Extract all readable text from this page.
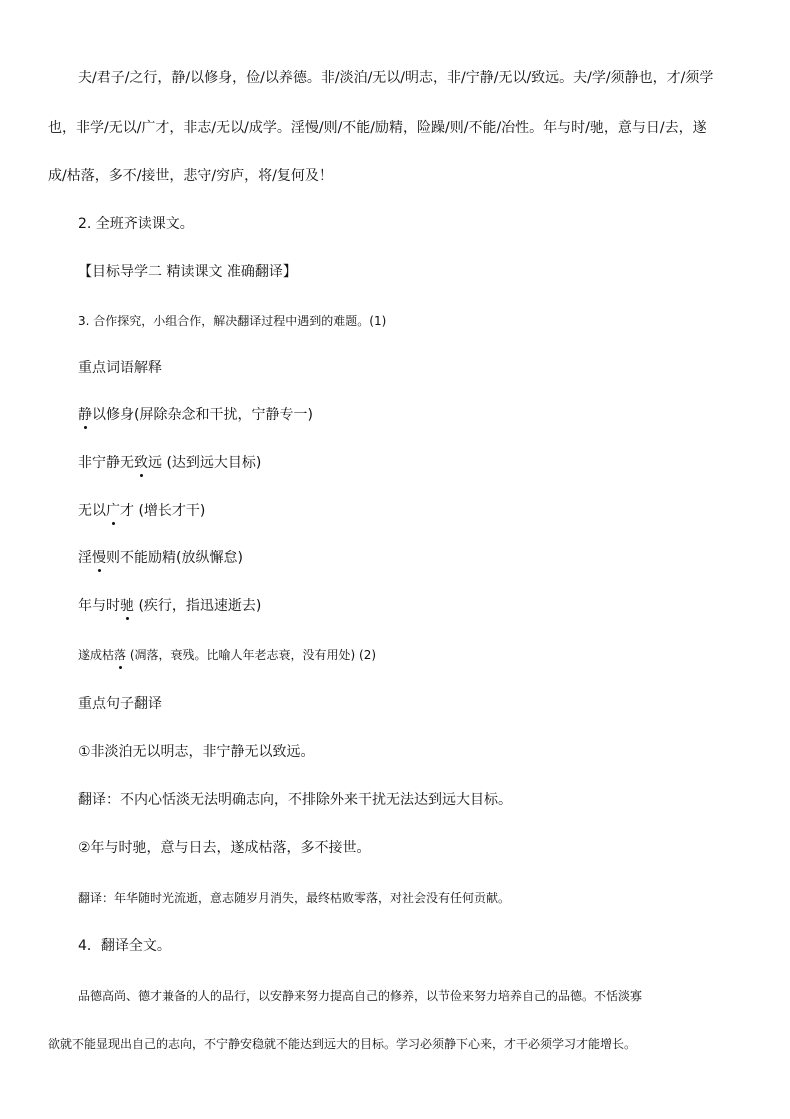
夫/君子/之行，静/以修身，俭/以养德。非/淡泊/无以/明志，非/宁静/无以/致远。夫/学/须静也，才/须学
也，非学/无以/广才，非志/无以/成学。淫慢/则/不能/励精，险躁/则/不能/冶性。年与时/驰，意与日/去，遂
成/枯落，多不/接世，悲守/穷庐，将/复何及！
2. 全班齐读课文。
【目标导学二 精读课文 准确翻译】
3. 合作探究，小组合作，解决翻译过程中遇到的难题。(1)
重点词语解释
静以修身(屏除杂念和干扰，宁静专一)
非宁静无致远 (达到远大目标)
无以广才 (增长才干)
淫慢则不能励精(放纵懈怠)
年与时驰 (疾行，指迅速逝去)
遂成枯落 (凋落，衰残。比喻人年老志衰，没有用处) (2)
重点句子翻译
①非淡泊无以明志，非宁静无以致远。
翻译：不内心恬淡无法明确志向，不排除外来干扰无法达到远大目标。
②年与时驰，意与日去，遂成枯落，多不接世。
翻译：年华随时光流逝，意志随岁月消失，最终枯败零落，对社会没有任何贡献。
4．翻译全文。
品德高尚、德才兼备的人的品行，以安静来努力提高自己的修养，以节俭来努力培养自己的品德。不恬淡寡
欲就不能显现出自己的志向，不宁静安稳就不能达到远大的目标。学习必须静下心来，才干必须学习才能增长。
